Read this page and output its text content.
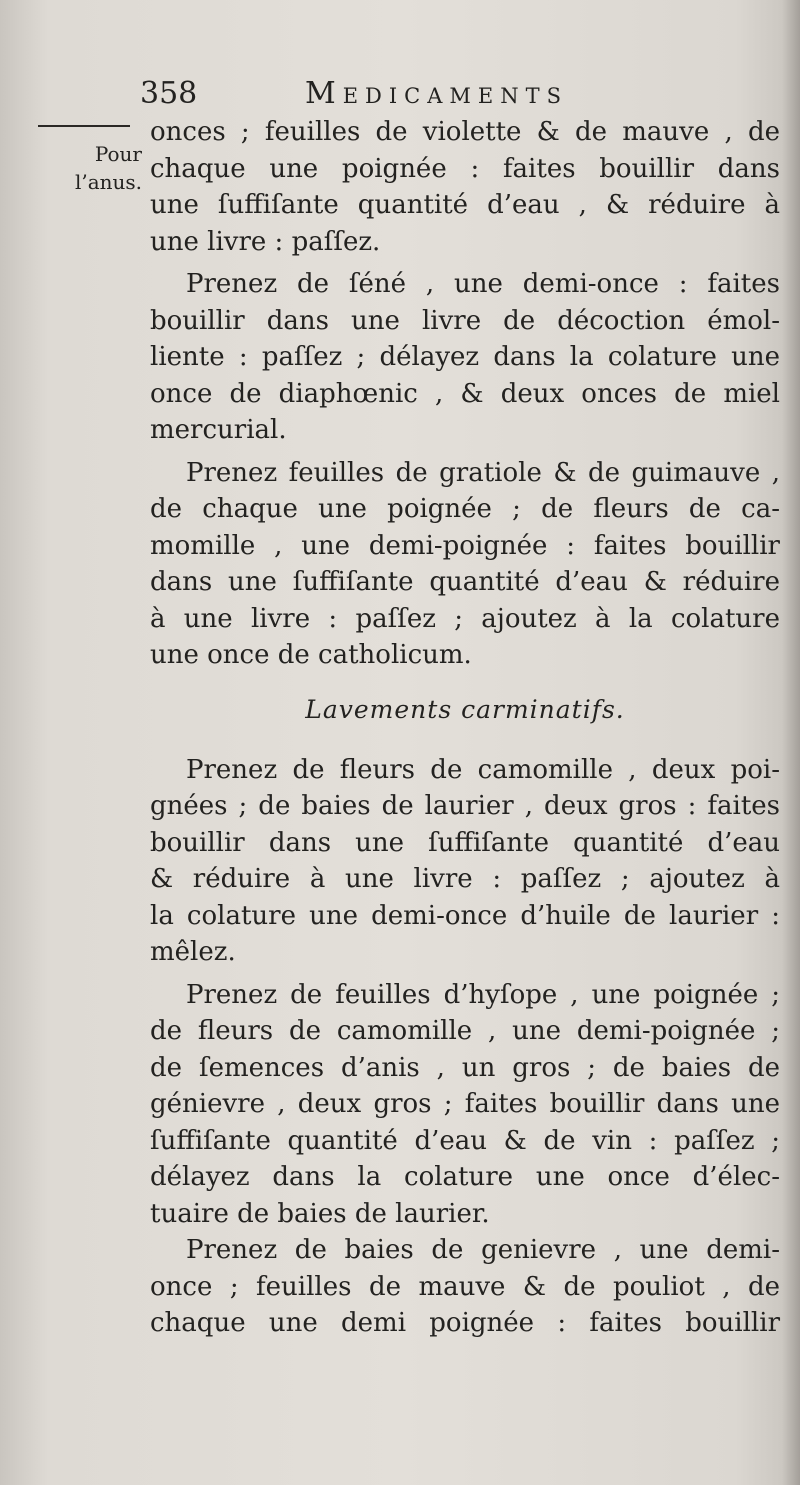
358	Medicaments
Pour
l’anus.
onces ; feuilles de violette & de mauve , de
chaque une poignée : faites bouillir dans
une ſuffiſante quantité d’eau , & réduire à
une livre : paſſez.
Prenez de ſéné , une demi-once : faites
bouillir dans une livre de décoction émol-
liente : paſſez ; délayez dans la colature une
once de diaphœnic , & deux onces de miel
mercurial.
Prenez feuilles de gratiole & de guimauve ,
de chaque une poignée ; de fleurs de ca-
momille , une demi-poignée : faites bouillir
dans une ſuffiſante quantité d’eau & réduire
à une livre : paſſez ; ajoutez à la colature
une once de catholicum.
Lavements carminatifs.
Prenez de fleurs de camomille , deux poi-
gnées ; de baies de laurier , deux gros : faites
bouillir dans une ſuffiſante quantité d’eau
& réduire à une livre : paſſez ; ajoutez à
la colature une demi-once d’huile de laurier :
mêlez.
Prenez de feuilles d’hyſope , une poignée ;
de fleurs de camomille , une demi-poignée ;
de ſemences d’anis , un gros ; de baies de
génievre , deux gros ; faites bouillir dans une
ſuffiſante quantité d’eau & de vin : paſſez ;
délayez dans la colature une once d’élec-
tuaire de baies de laurier.
Prenez de baies de genievre , une demi-
once ; feuilles de mauve & de pouliot , de
chaque une demi poignée : faites bouillir
